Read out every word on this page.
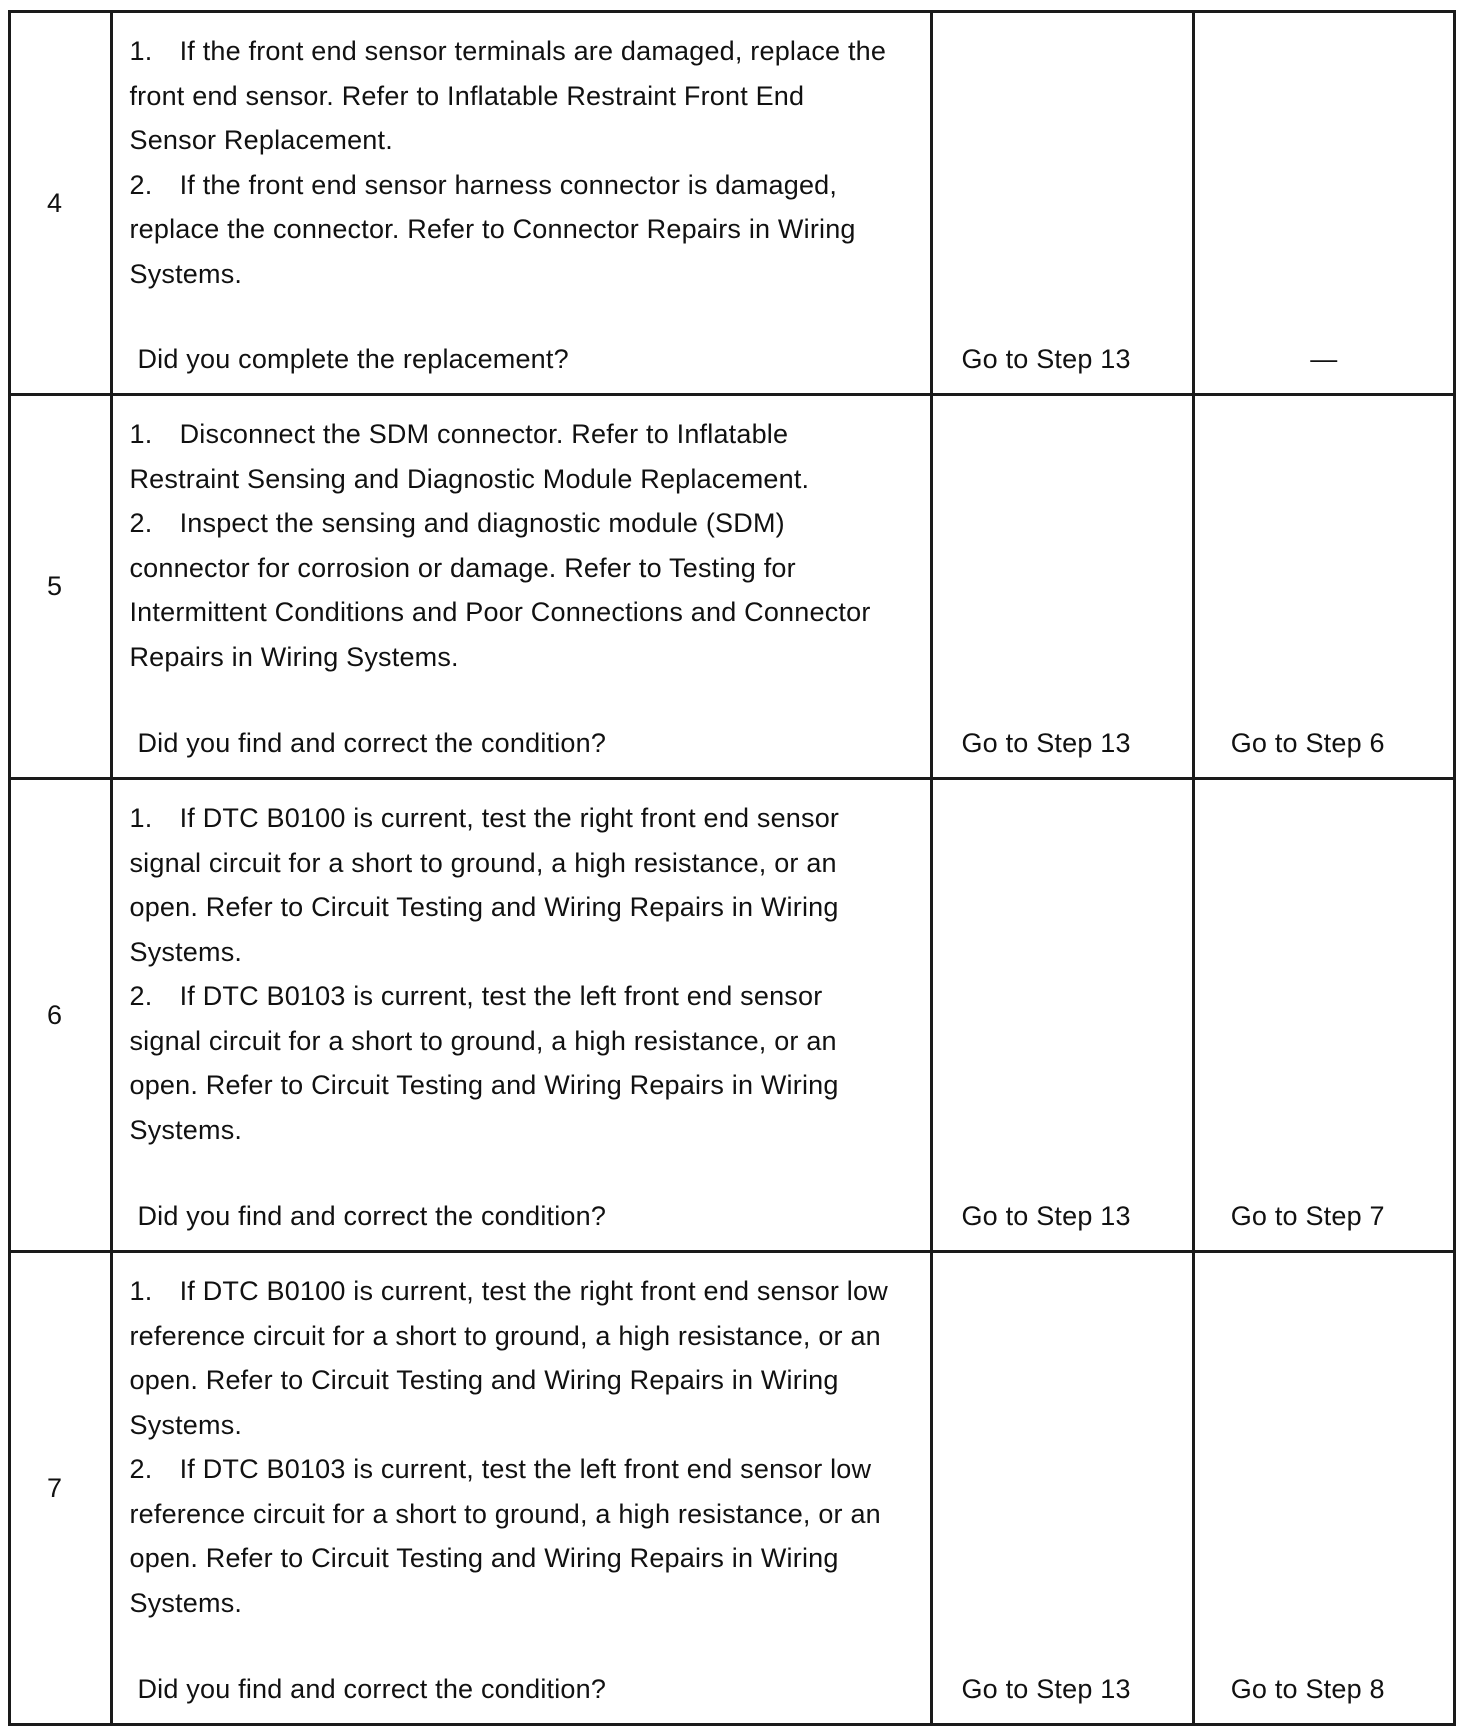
4	1. If the front end sensor terminals are damaged, replace the front end sensor. Refer to Inflatable Restraint Front End Sensor Replacement.

2. If the front end sensor harness connector is damaged, replace the connector. Refer to Connector Repairs in Wiring Systems.

Did you complete the replacement?	Go to Step 13	—

5	1. Disconnect the SDM connector. Refer to Inflatable Restraint Sensing and Diagnostic Module Replacement.

2. Inspect the sensing and diagnostic module (SDM) connector for corrosion or damage. Refer to Testing for Intermittent Conditions and Poor Connections and Connector Repairs in Wiring Systems.

Did you find and correct the condition?	Go to Step 13	Go to Step 6

6	1. If DTC B0100 is current, test the right front end sensor signal circuit for a short to ground, a high resistance, or an open. Refer to Circuit Testing and Wiring Repairs in Wiring Systems.

2. If DTC B0103 is current, test the left front end sensor signal circuit for a short to ground, a high resistance, or an open. Refer to Circuit Testing and Wiring Repairs in Wiring Systems.

Did you find and correct the condition?	Go to Step 13	Go to Step 7

7	1. If DTC B0100 is current, test the right front end sensor low reference circuit for a short to ground, a high resistance, or an open. Refer to Circuit Testing and Wiring Repairs in Wiring Systems.

2. If DTC B0103 is current, test the left front end sensor low reference circuit for a short to ground, a high resistance, or an open. Refer to Circuit Testing and Wiring Repairs in Wiring Systems.

Did you find and correct the condition?	Go to Step 13	Go to Step 8
